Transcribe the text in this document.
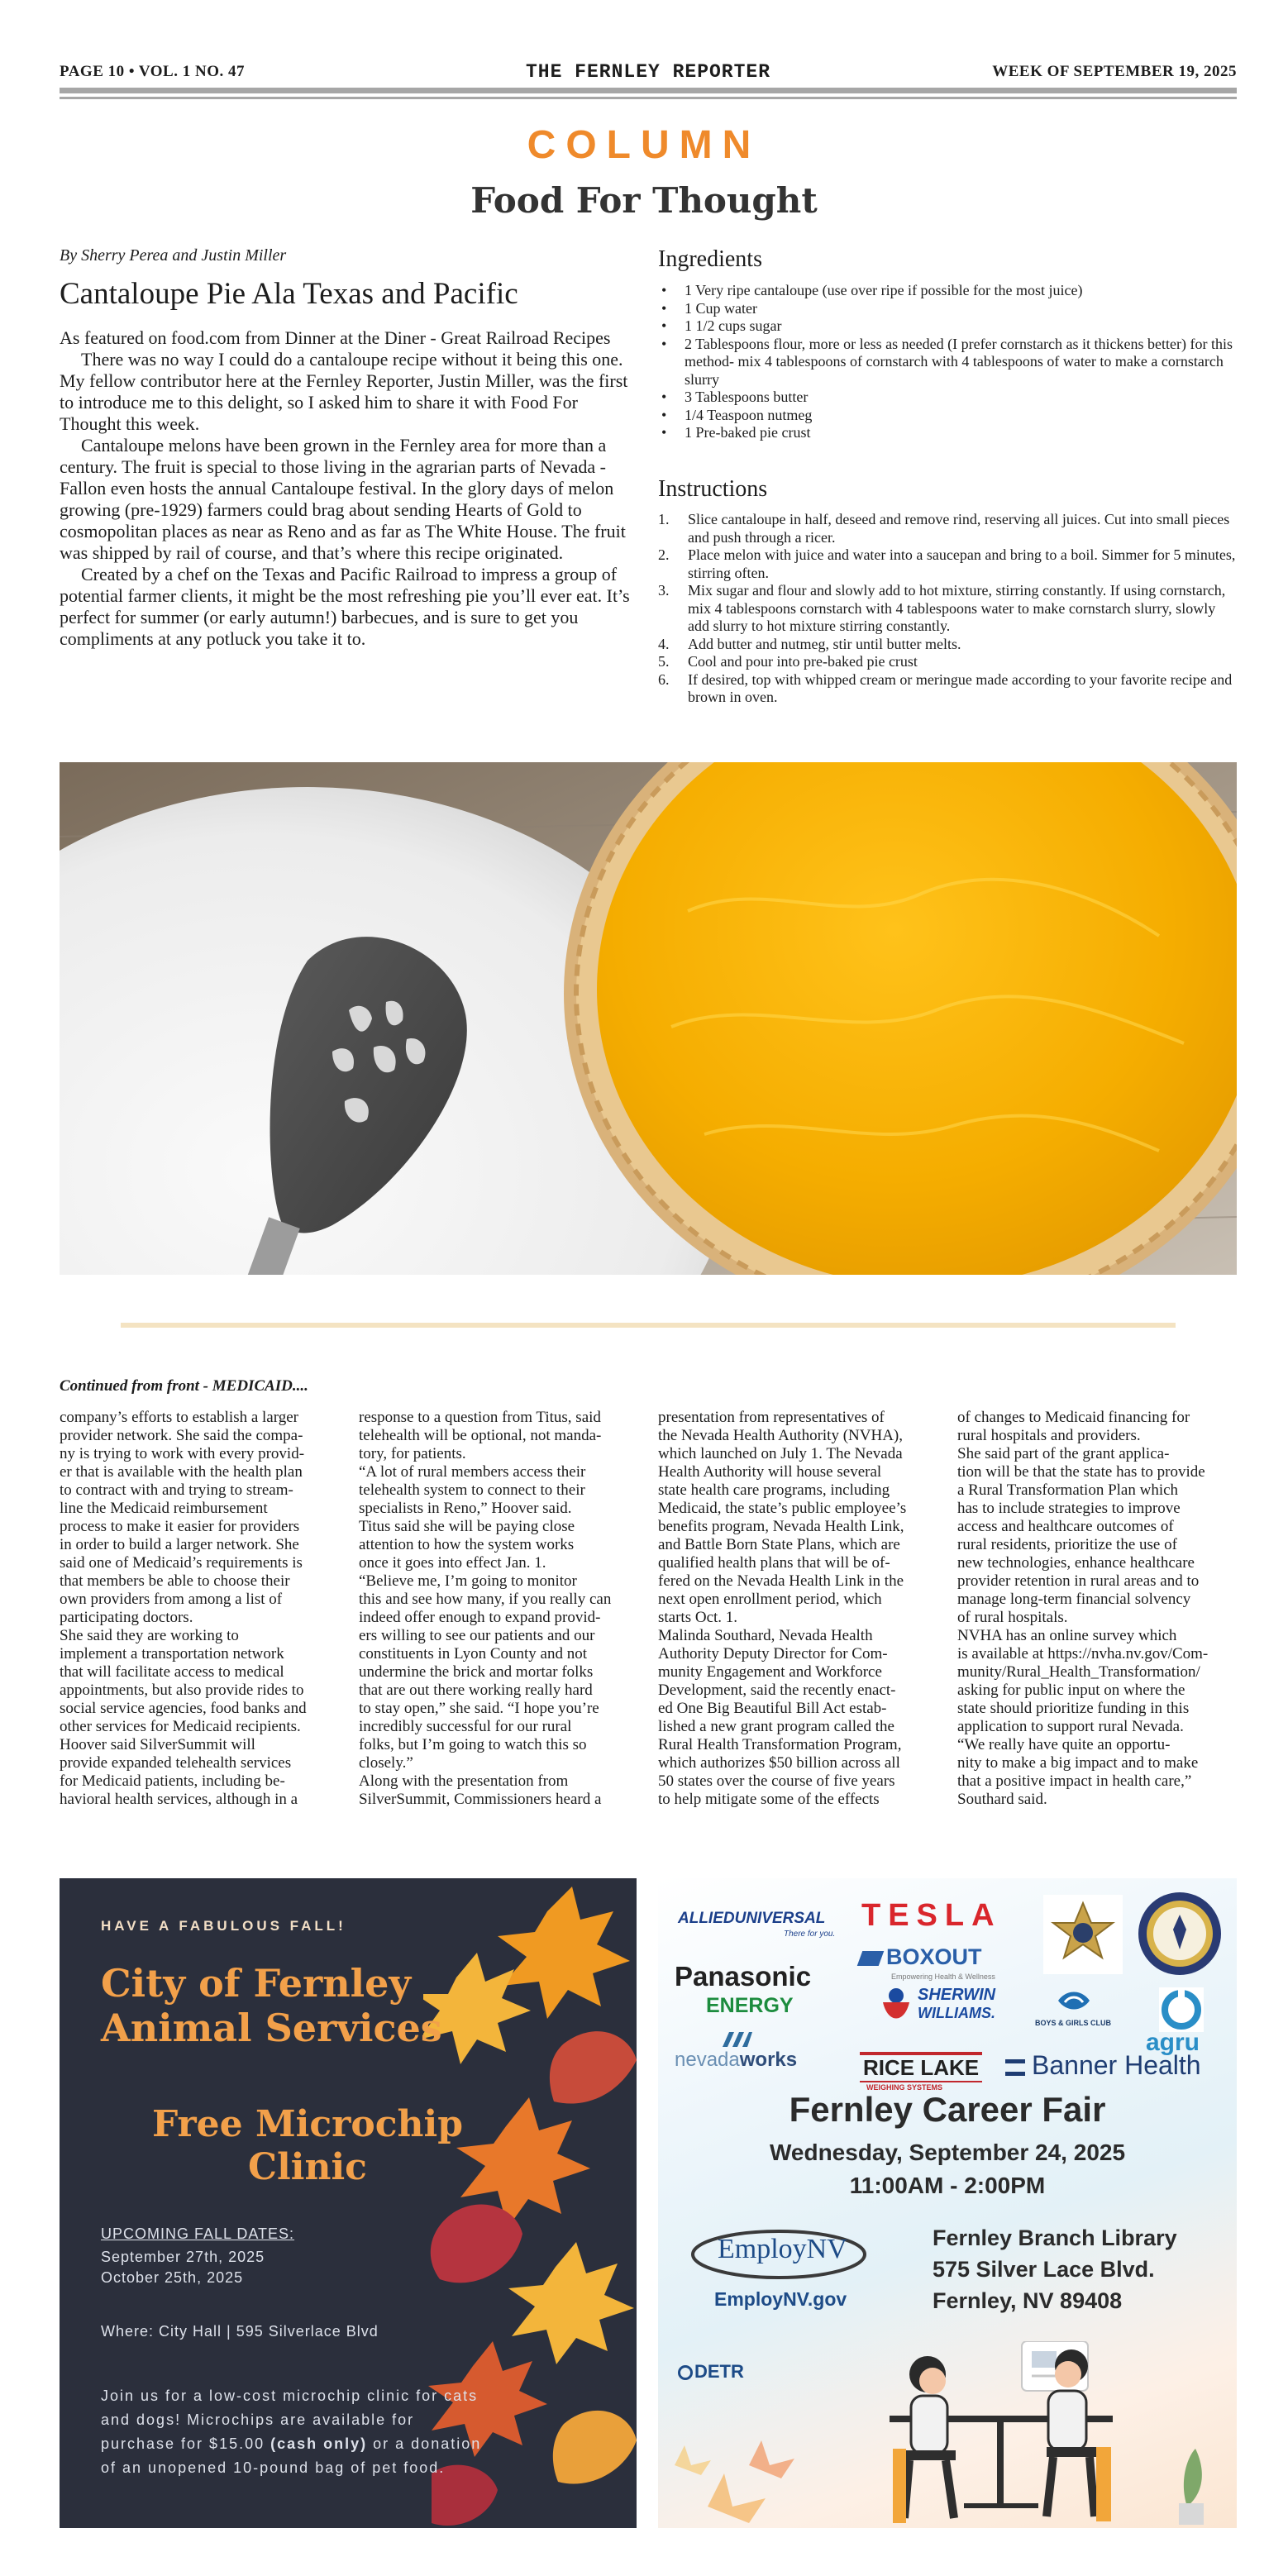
PAGE 10 • VOL. 1 NO. 47	THE FERNLEY REPORTER	WEEK OF SEPTEMBER 19, 2025
COLUMN
Food For Thought
By Sherry Perea and Justin Miller
Cantaloupe Pie Ala Texas and Pacific

As featured on food.com from Dinner at the Diner - Great Railroad Recipes

There was no way I could do a cantaloupe recipe without it being this one. My fellow contributor here at the Fernley Reporter, Justin Miller, was the first to introduce me to this delight, so I asked him to share it with Food For Thought this week.

Cantaloupe melons have been grown in the Fernley area for more than a century. The fruit is special to those living in the agrarian parts of Nevada - Fallon even hosts the annual Cantaloupe festival. In the glory days of melon growing (pre-1929) farmers could brag about sending Hearts of Gold to cosmopolitan places as near as Reno and as far as The White House. The fruit was shipped by rail of course, and that’s where this recipe originated.

Created by a chef on the Texas and Pacific Railroad to impress a group of potential farmer clients, it might be the most refreshing pie you’ll ever eat. It’s perfect for summer (or early autumn!) barbecues, and is sure to get you compliments at any potluck you take it to.

Ingredients
• 1 Very ripe cantaloupe (use over ripe if possible for the most juice)
• 1 Cup water
• 1 1/2 cups sugar
• 2 Tablespoons flour, more or less as needed (I prefer cornstarch as it thickens better) for this method- mix 4 tablespoons of cornstarch with 4 tablespoons of water to make a cornstarch slurry
• 3 Tablespoons butter
• 1/4 Teaspoon nutmeg
• 1 Pre-baked pie crust
Instructions
1. Slice cantaloupe in half, deseed and remove rind, reserving all juices. Cut into small pieces and push through a ricer.
2. Place melon with juice and water into a saucepan and bring to a boil. Simmer for 5 minutes, stirring often.
3. Mix sugar and flour and slowly add to hot mixture, stirring constantly. If using cornstarch, mix 4 tablespoons cornstarch with 4 tablespoons water to make cornstarch slurry, slowly add slurry to hot mixture stirring constantly.
4. Add butter and nutmeg, stir until butter melts.
5. Cool and pour into pre-baked pie crust
6. If desired, top with whipped cream or meringue made according to your favorite recipe and brown in oven.
Continued from front - MEDICAID....
company’s efforts to establish a larger
provider network. She said the compa-
ny is trying to work with every provid-
er that is available with the health plan
to contract with and trying to stream-
line the Medicaid reimbursement
process to make it easier for providers
in order to build a larger network. She
said one of Medicaid’s requirements is
that members be able to choose their
own providers from among a list of
participating doctors.
She said they are working to
implement a transportation network
that will facilitate access to medical
appointments, but also provide rides to
social service agencies, food banks and
other services for Medicaid recipients.
Hoover said SilverSummit will
provide expanded telehealth services
for Medicaid patients, including be-
havioral health services, although in a
response to a question from Titus, said
telehealth will be optional, not manda-
tory, for patients.
“A lot of rural members access their
telehealth system to connect to their
specialists in Reno,” Hoover said.
Titus said she will be paying close
attention to how the system works
once it goes into effect Jan. 1.
“Believe me, I’m going to monitor
this and see how many, if you really can
indeed offer enough to expand provid-
ers willing to see our patients and our
constituents in Lyon County and not
undermine the brick and mortar folks
that are out there working really hard
to stay open,” she said. “I hope you’re
incredibly successful for our rural
folks, but I’m going to watch this so
closely.”
Along with the presentation from
SilverSummit, Commissioners heard a
presentation from representatives of
the Nevada Health Authority (NVHA),
which launched on July 1. The Nevada
Health Authority will house several
state health care programs, including
Medicaid, the state’s public employee’s
benefits program, Nevada Health Link,
and Battle Born State Plans, which are
qualified health plans that will be of-
fered on the Nevada Health Link in the
next open enrollment period, which
starts Oct. 1.
Malinda Southard, Nevada Health
Authority Deputy Director for Com-
munity Engagement and Workforce
Development, said the recently enact-
ed One Big Beautiful Bill Act estab-
lished a new grant program called the
Rural Health Transformation Program,
which authorizes $50 billion across all
50 states over the course of five years
to help mitigate some of the effects
of changes to Medicaid financing for
rural hospitals and providers.
She said part of the grant applica-
tion will be that the state has to provide
a Rural Transformation Plan which
has to include strategies to improve
access and healthcare outcomes of
rural residents, prioritize the use of
new technologies, enhance healthcare
provider retention in rural areas and to
manage long-term financial solvency
of rural hospitals.
NVHA has an online survey which
is available at https://nvha.nv.gov/Com-
munity/Rural_Health_Transformation/
asking for public input on where the
state should prioritize funding in this
application to support rural Nevada.
“We really have quite an opportu-
nity to make a big impact and to make
that a positive impact in health care,”
Southard said.
HAVE A FABULOUS FALL!
City of Fernley
Animal Services
Free Microchip
Clinic
UPCOMING FALL DATES:
September 27th, 2025
October 25th, 2025
Where: City Hall | 595 Silverlace Blvd
Join us for a low-cost microchip clinic for cats and dogs! Microchips are available for purchase for $15.00 (cash only) or a donation of an unopened 10-pound bag of pet food.
ALLIEDUNIVERSAL
There for you.
TESLA
BOXOUT
Empowering Health & Wellness
Panasonic
ENERGY	SHERWIN
WILLIAMS.
BOYS & GIRLS CLUB
agru
nevadaworks	RICE LAKE
WEIGHING SYSTEMS
Banner Health
Fernley Career Fair
Wednesday, September 24, 2025
11:00AM - 2:00PM
EmployNV
EmployNV.gov
Fernley Branch Library
575 Silver Lace Blvd.
Fernley, NV 89408
DETR
